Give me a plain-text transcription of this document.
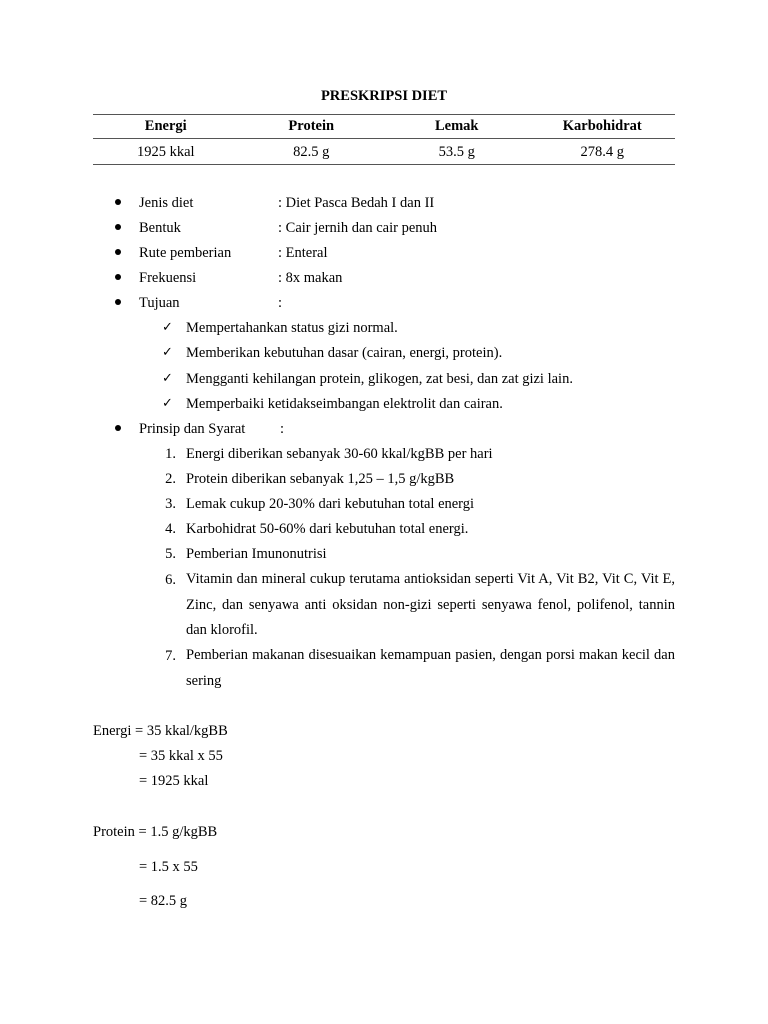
PRESKRIPSI DIET
Energi	Protein	Lemak	Karbohidrat
1925 kkal	82.5 g	53.5 g	278.4 g
Jenis diet	: Diet Pasca Bedah I dan II
Bentuk	: Cair jernih dan cair penuh
Rute pemberian	: Enteral
Frekuensi	: 8x makan
Tujuan	:
✓ Mempertahankan status gizi normal.
✓ Memberikan kebutuhan dasar (cairan, energi, protein).
✓ Mengganti kehilangan protein, glikogen, zat besi, dan zat gizi lain.
✓ Memperbaiki ketidakseimbangan elektrolit dan cairan.
Prinsip dan Syarat :
1. Energi diberikan sebanyak 30-60 kkal/kgBB per hari
2. Protein diberikan sebanyak 1,25 – 1,5 g/kgBB
3. Lemak cukup 20-30% dari kebutuhan total energi
4. Karbohidrat 50-60% dari kebutuhan total energi.
5. Pemberian Imunonutrisi
6. Vitamin dan mineral cukup terutama antioksidan seperti Vit A, Vit B2, Vit C, Vit E, Zinc, dan senyawa anti oksidan non-gizi seperti senyawa fenol, polifenol, tannin dan klorofil.
7. Pemberian makanan disesuaikan kemampuan pasien, dengan porsi makan kecil dan sering
Energi = 35 kkal/kgBB
= 35 kkal x 55
= 1925 kkal
Protein = 1.5 g/kgBB
= 1.5 x 55
= 82.5 g
